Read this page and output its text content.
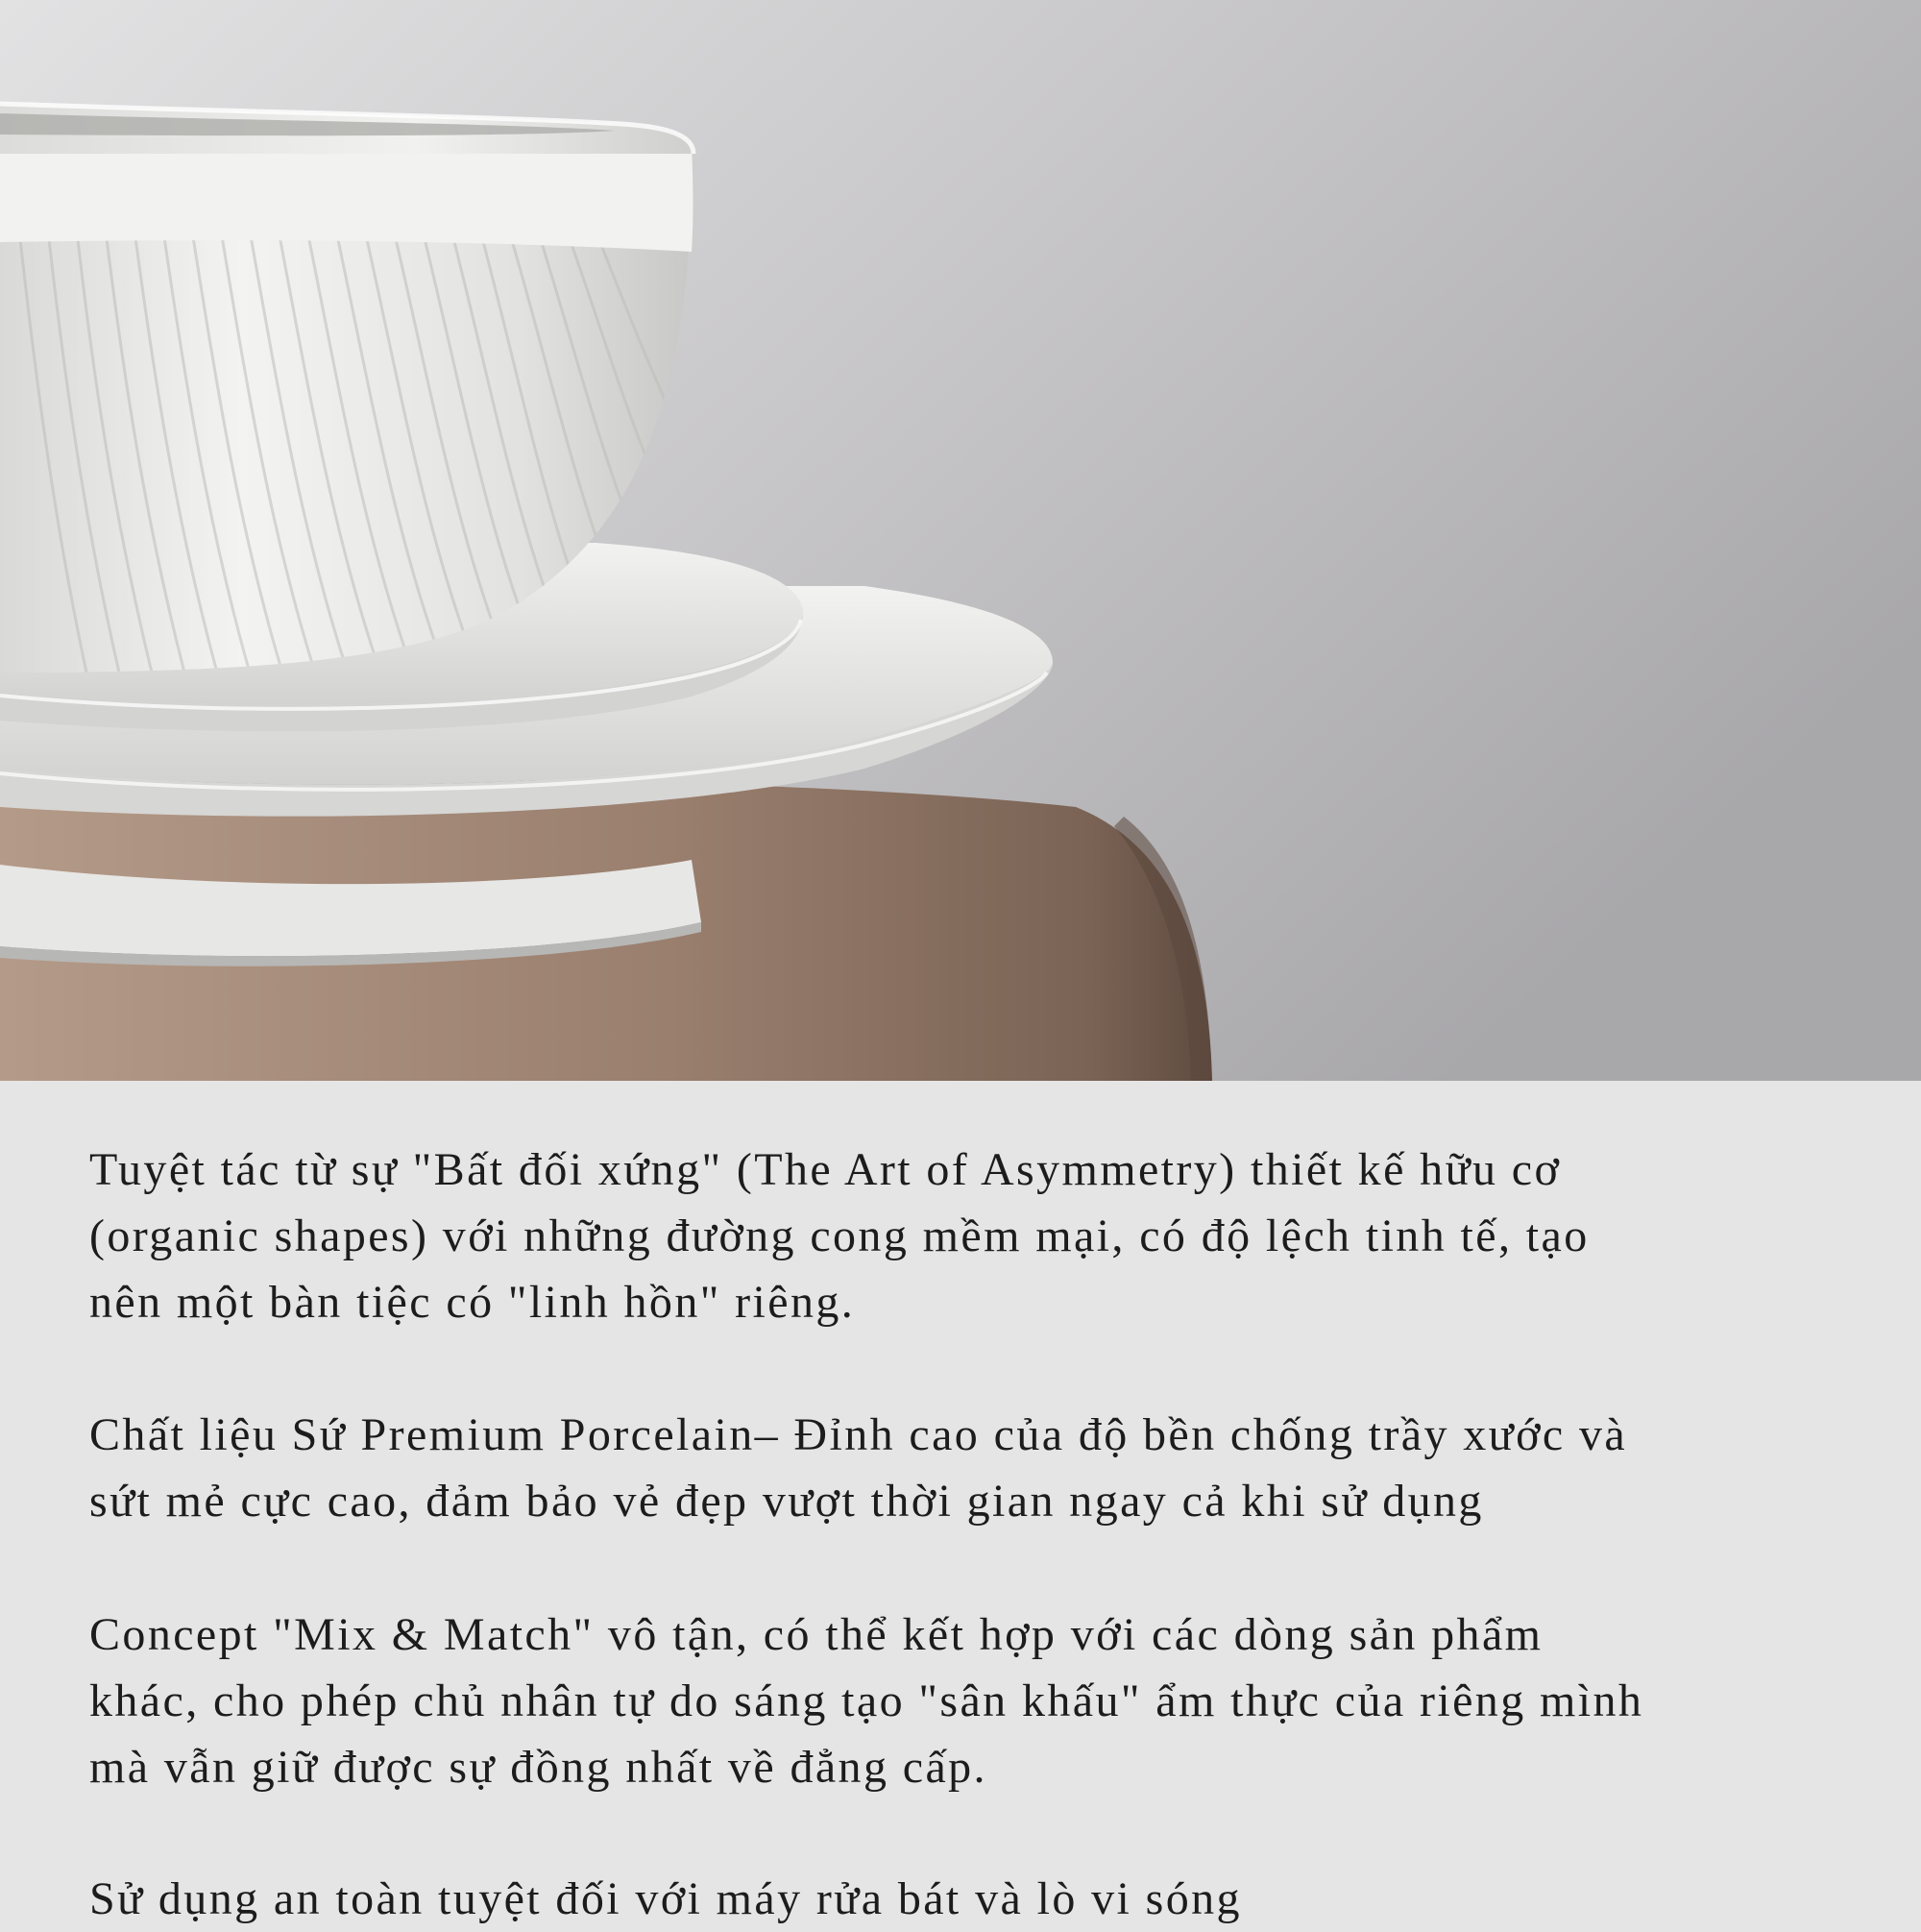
Tuyệt tác từ sự "Bất đối xứng" (The Art of Asymmetry) thiết kế hữu cơ
(organic shapes) với những đường cong mềm mại, có độ lệch tinh tế, tạo
nên một bàn tiệc có "linh hồn" riêng.

Chất liệu Sứ Premium Porcelain– Đỉnh cao của độ bền chống trầy xước và
sứt mẻ cực cao, đảm bảo vẻ đẹp vượt thời gian ngay cả khi sử dụng

Concept "Mix & Match" vô tận, có thể kết hợp với các dòng sản phẩm
khác, cho phép chủ nhân tự do sáng tạo "sân khấu" ẩm thực của riêng mình
mà vẫn giữ được sự đồng nhất về đẳng cấp.

Sử dụng an toàn tuyệt đối với máy rửa bát và lò vi sóng
